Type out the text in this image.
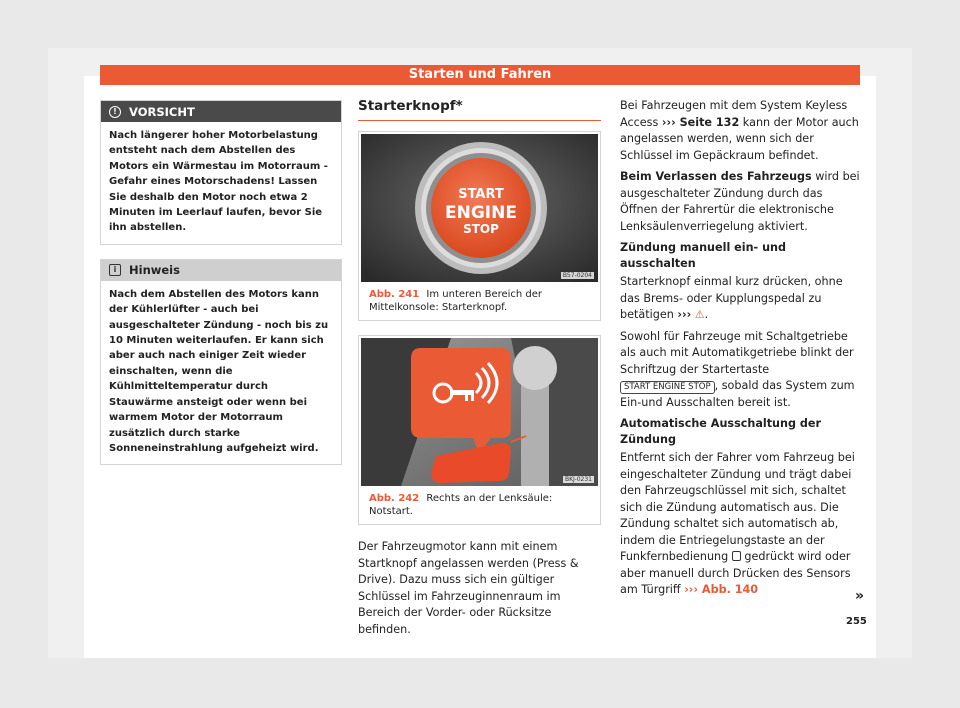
Starten und Fahren
!	VORSICHT
Nach längerer hoher Motorbelastung entsteht nach dem Abstellen des Motors ein Wärmestau im Motorraum - Gefahr eines Motorschadens! Lassen Sie deshalb den Motor noch etwa 2 Minuten im Leerlauf laufen, bevor Sie ihn abstellen.
i	Hinweis
Nach dem Abstellen des Motors kann der Kühlerlüfter - auch bei ausgeschalteter Zündung - noch bis zu 10 Minuten weiterlaufen. Er kann sich aber auch nach einiger Zeit wieder einschalten, wenn die Kühlmitteltemperatur durch Stauwärme ansteigt oder wenn bei warmem Motor der Motorraum zusätzlich durch starke Sonneneinstrahlung aufgeheizt wird.
Starterknopf*
START
ENGINE
STOP
B57-0204
Abb. 241 Im unteren Bereich der Mittelkonsole: Starterknopf.
BKJ-0231
Abb. 242 Rechts an der Lenksäule: Notstart.
Der Fahrzeugmotor kann mit einem Startknopf angelassen werden (Press & Drive). Dazu muss sich ein gültiger Schlüssel im Fahrzeuginnenraum im Bereich der Vorder- oder Rücksitze befinden.
Bei Fahrzeugen mit dem System Keyless Access ››› Seite 132 kann der Motor auch angelassen werden, wenn sich der Schlüssel im Gepäckraum befindet.
Beim Verlassen des Fahrzeugs wird bei ausgeschalteter Zündung durch das Öffnen der Fahrertür die elektronische Lenksäulenverriegelung aktiviert.
Zündung manuell ein- und ausschalten
Starterknopf einmal kurz drücken, ohne das Brems- oder Kupplungspedal zu betätigen ››› ⚠.
Sowohl für Fahrzeuge mit Schaltgetriebe als auch mit Automatikgetriebe blinkt der Schriftzug der Startertaste START ENGINE STOP , sobald das System zum Ein-und Ausschalten bereit ist.
Automatische Ausschaltung der Zündung
Entfernt sich der Fahrer vom Fahrzeug bei eingeschalteter Zündung und trägt dabei den Fahrzeugschlüssel mit sich, schaltet sich die Zündung automatisch aus. Die Zündung schaltet sich automatisch ab, indem die Entriegelungstaste an der Funkfernbedienung  gedrückt wird oder aber manuell durch Drücken des Sensors am Türgriff ››› Abb. 140	»
255
